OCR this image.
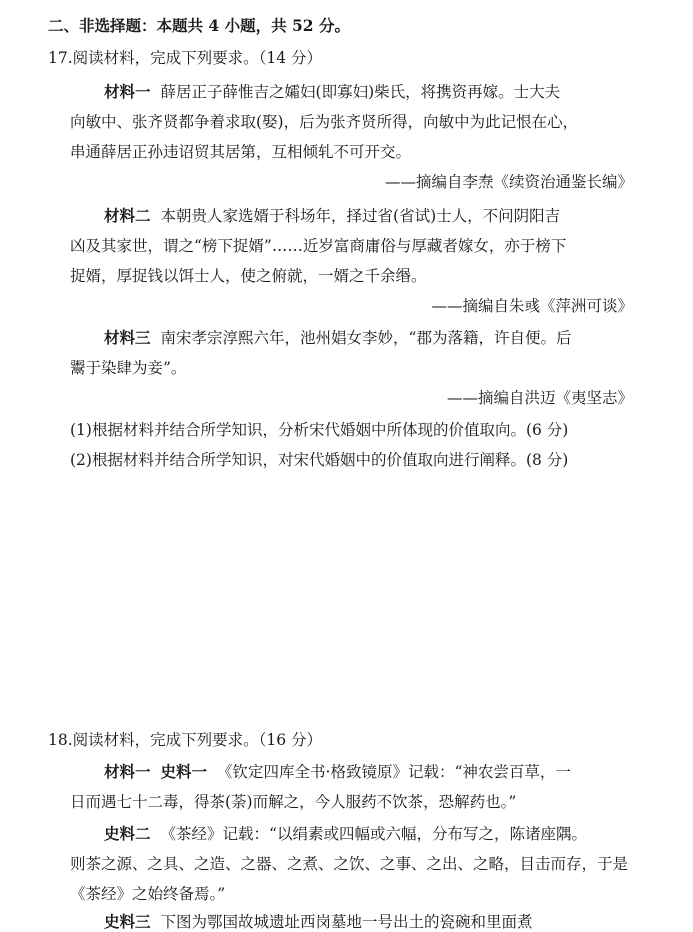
二、非选择题：本题共 4 小题，共 52 分。
17.阅读材料，完成下列要求。（14 分）
材料一 薛居正子薛惟吉之孀妇(即寡妇)柴氏，将携资再嫁。士大夫
向敏中、张齐贤都争着求取(娶)，后为张齐贤所得，向敏中为此记恨在心，
串通薛居正孙违诏贸其居第，互相倾轧不可开交。
——摘编自李焘《续资治通鉴长编》
材料二 本朝贵人家选婿于科场年，择过省(省试)士人，不问阴阳吉
凶及其家世，谓之“榜下捉婿”……近岁富商庸俗与厚藏者嫁女，亦于榜下
捉婿，厚捉钱以饵士人，使之俯就，一婿之千余缗。
——摘编自朱彧《萍洲可谈》
材料三 南宋孝宗淳熙六年，池州娼女李妙，“郡为落籍，许自便。后
鬻于染肆为妾”。
——摘编自洪迈《夷坚志》
(1)根据材料并结合所学知识，分析宋代婚姻中所体现的价值取向。(6 分)
(2)根据材料并结合所学知识，对宋代婚姻中的价值取向进行阐释。(8 分)
18.阅读材料，完成下列要求。（16 分）
材料一 史料一 《钦定四库全书·格致镜原》记载：“神农尝百草，一
日而遇七十二毒，得茶(荼)而解之，今人服药不饮茶，恐解药也。”
史料二 《茶经》记载：“以绢素或四幅或六幅，分布写之，陈诸座隅。
则茶之源、之具、之造、之器、之煮、之饮、之事、之出、之略，目击而存，于是
《茶经》之始终备焉。”
史料三 下图为鄂国故城遗址西岗墓地一号出土的瓷碗和里面煮
